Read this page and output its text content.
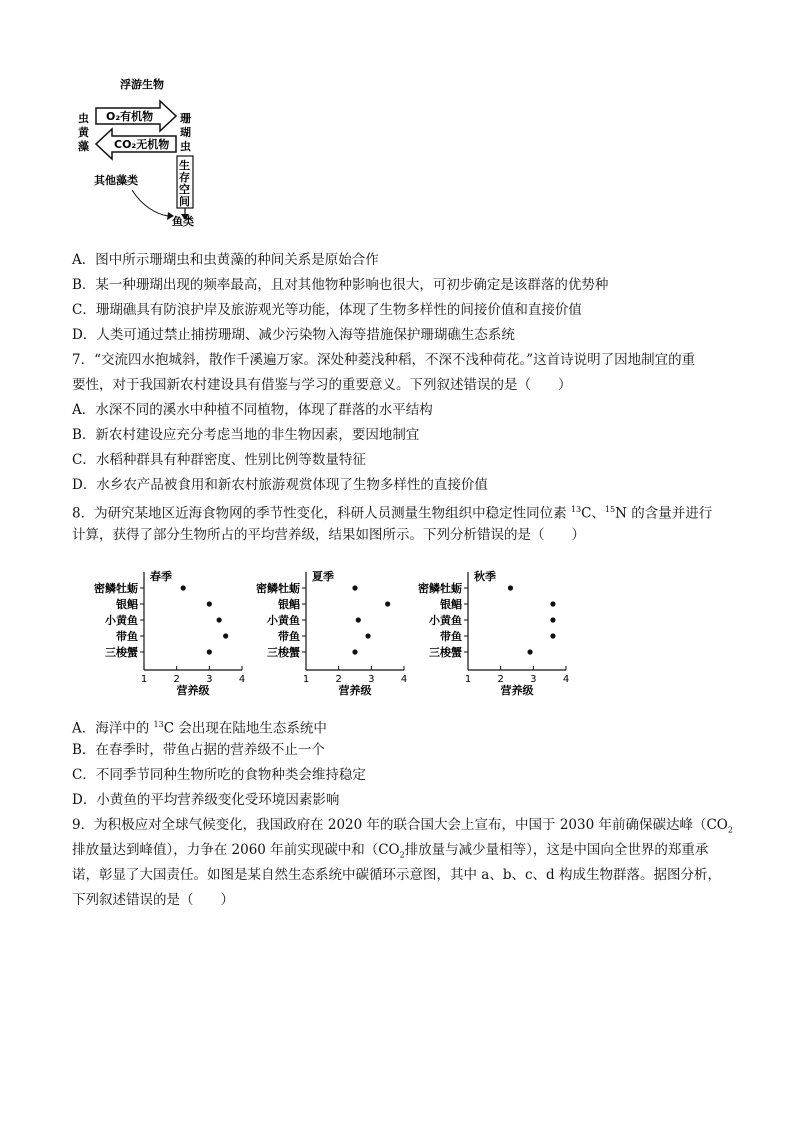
浮游生物
虫
黄
藻
珊
瑚
虫
O₂有机物
CO₂无机物
生
存
空
间
其他藻类
鱼类
A．图中所示珊瑚虫和虫黄藻的种间关系是原始合作
B．某一种珊瑚出现的频率最高，且对其他物种影响也很大，可初步确定是该群落的优势种
C．珊瑚礁具有防浪护岸及旅游观光等功能，体现了生物多样性的间接价值和直接价值
D．人类可通过禁止捕捞珊瑚、减少污染物入海等措施保护珊瑚礁生态系统
7．“交流四水抱城斜，散作千溪遍万家。深处种菱浅种稻，不深不浅种荷花。”这首诗说明了因地制宜的重
要性，对于我国新农村建设具有借鉴与学习的重要意义。下列叙述错误的是（　　）
A．水深不同的溪水中种植不同植物，体现了群落的水平结构
B．新农村建设应充分考虑当地的非生物因素，要因地制宜
C．水稻种群具有种群密度、性别比例等数量特征
D．水乡农产品被食用和新农村旅游观赏体现了生物多样性的直接价值
8．为研究某地区近海食物网的季节性变化，科研人员测量生物组织中稳定性同位素 $^{13}$C、$^{15}$N 的含量并进行
计算，获得了部分生物所占的平均营养级，结果如图所示。下列分析错误的是（　　）
春季
密鳞牡蛎
银鲳
小黄鱼
带鱼
三梭蟹
1	2	3	4
营养级
夏季
密鳞牡蛎
银鲳
小黄鱼
带鱼
三梭蟹
1	2	3	4
营养级
秋季
密鳞牡蛎
银鲳
小黄鱼
带鱼
三梭蟹
1	2	3	4
营养级
A．海洋中的 $^{13}$C 会出现在陆地生态系统中
B．在春季时，带鱼占据的营养级不止一个
C．不同季节同种生物所吃的食物种类会维持稳定
D．小黄鱼的平均营养级变化受环境因素影响
9．为积极应对全球气候变化，我国政府在 2020 年的联合国大会上宣布，中国于 2030 年前确保碳达峰（$CO_2$
排放量达到峰值），力争在 2060 年前实现碳中和（$CO_2$排放量与减少量相等），这是中国向全世界的郑重承
诺，彰显了大国责任。如图是某自然生态系统中碳循环示意图，其中 a、b、c、d 构成生物群落。据图分析，
下列叙述错误的是（　　）
